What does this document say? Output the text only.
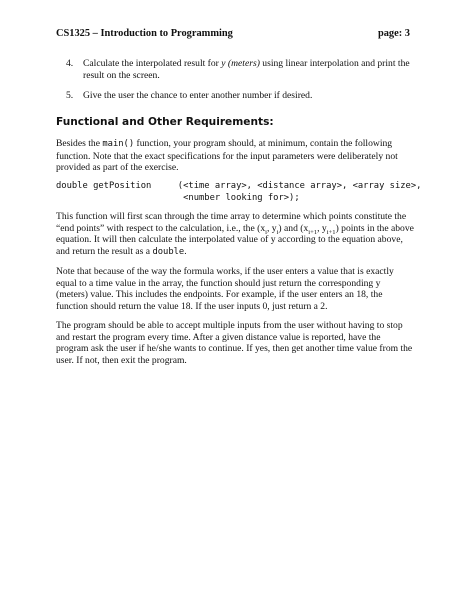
CS1325 – Introduction to Programming	page: 3
4. Calculate the interpolated result for y (meters) using linear interpolation and print the result on the screen.
5. Give the user the chance to enter another number if desired.
Functional and Other Requirements:
Besides the main() function, your program should, at minimum, contain the following function. Note that the exact specifications for the input parameters were deliberately not provided as part of the exercise.
double getPosition     (<time array>, <distance array>, <array size>,
<number looking for>);
This function will first scan through the time array to determine which points constitute the “end points” with respect to the calculation, i.e., the ($x_i$, $y_i$) and ($x_{i+1}$, $y_{i+1}$) points in the above equation. It will then calculate the interpolated value of y according to the equation above, and return the result as a double.
Note that because of the way the formula works, if the user enters a value that is exactly equal to a time value in the array, the function should just return the corresponding y (meters) value. This includes the endpoints. For example, if the user enters an 18, the function should return the value 18. If the user inputs 0, just return a 2.
The program should be able to accept multiple inputs from the user without having to stop and restart the program every time. After a given distance value is reported, have the program ask the user if he/she wants to continue. If yes, then get another time value from the user. If not, then exit the program.
